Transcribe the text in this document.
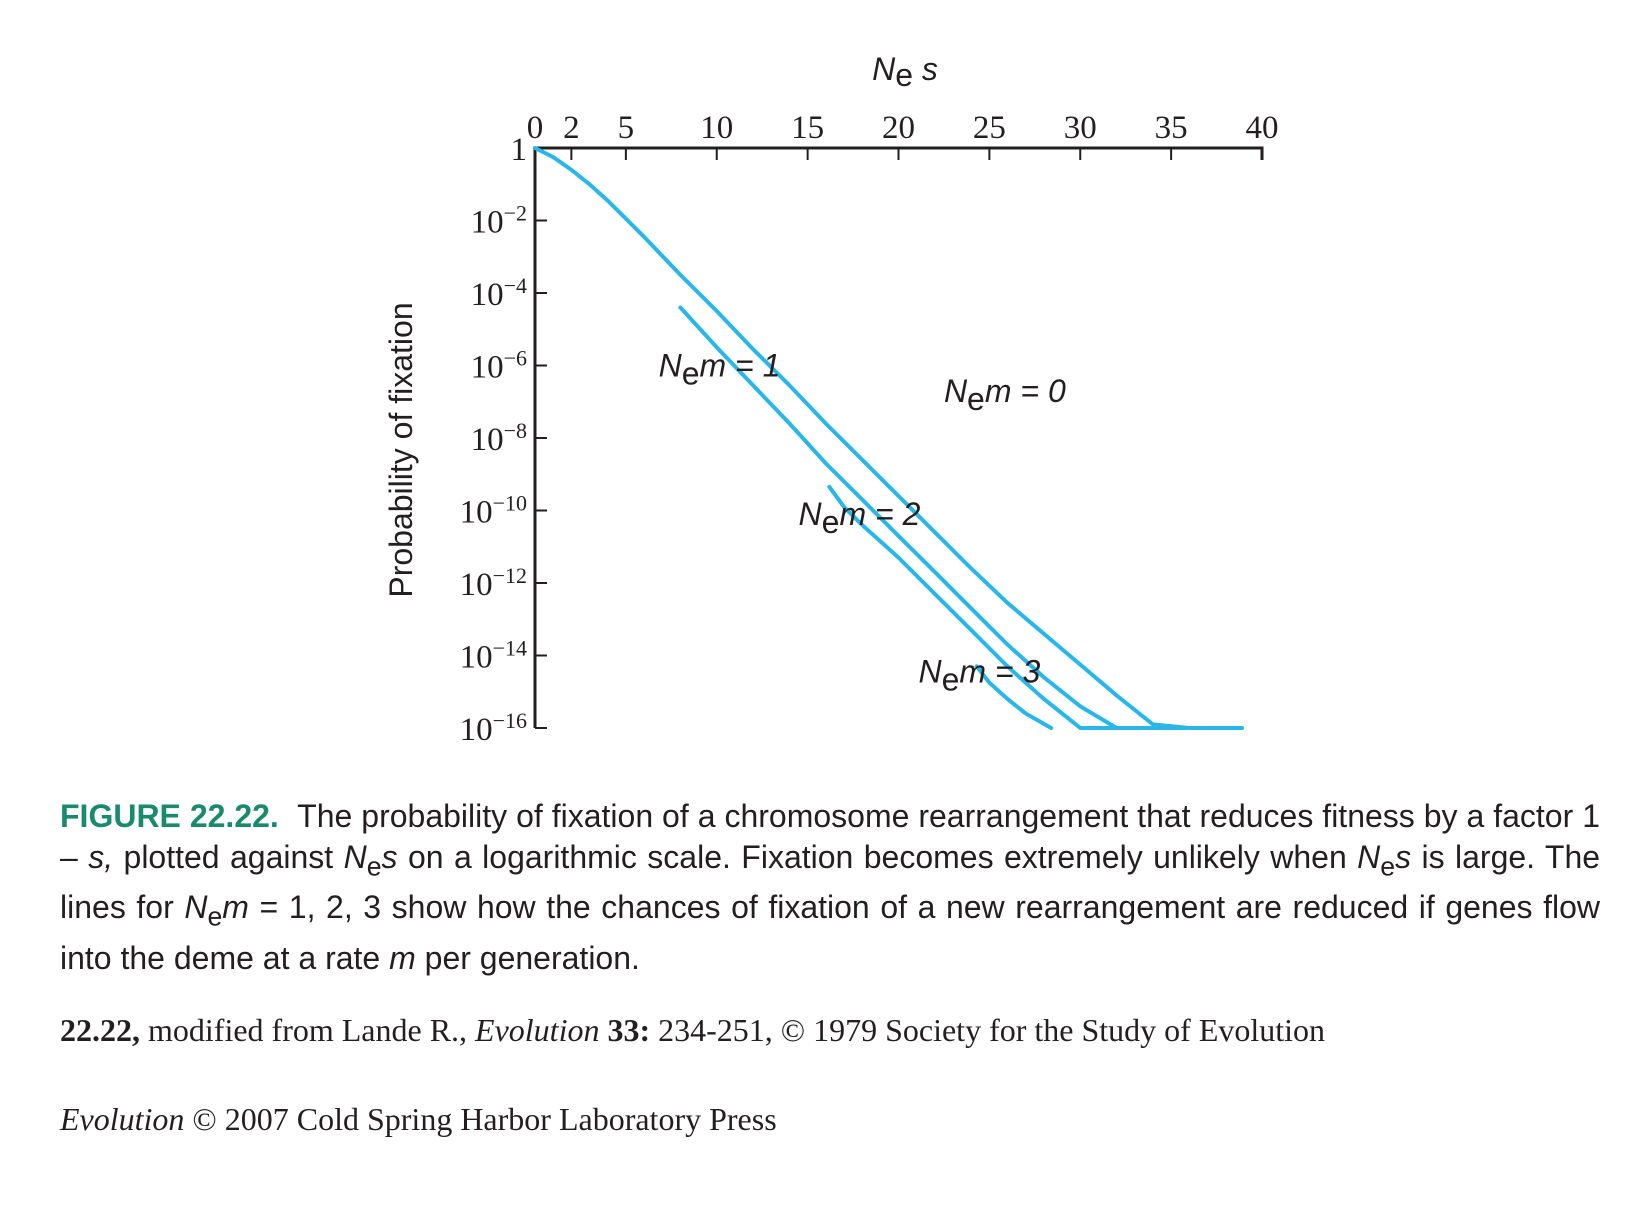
Ne s
Probability of fixation
0 2 5 10 15 20 25 30 35 40
1
$10^{-2}$
$10^{-4}$
$10^{-6}$
$10^{-8}$
$10^{-10}$
$10^{-12}$
$10^{-14}$
$10^{-16}$
Nem = 0
Nem = 1
Nem = 2
Nem = 3
FIGURE 22.22. The probability of fixation of a chromosome rearrangement that reduces fitness by a factor 1 – s, plotted against $N_es$ on a logarithmic scale. Fixation becomes extremely unlikely when $N_es$ is large. The lines for $N_em = 1$, 2, 3 show how the chances of fixation of a new rearrangement are reduced if genes flow into the deme at a rate m per generation.
22.22, modified from Lande R., Evolution 33: 234-251, © 1979 Society for the Study of Evolution
Evolution © 2007 Cold Spring Harbor Laboratory Press
